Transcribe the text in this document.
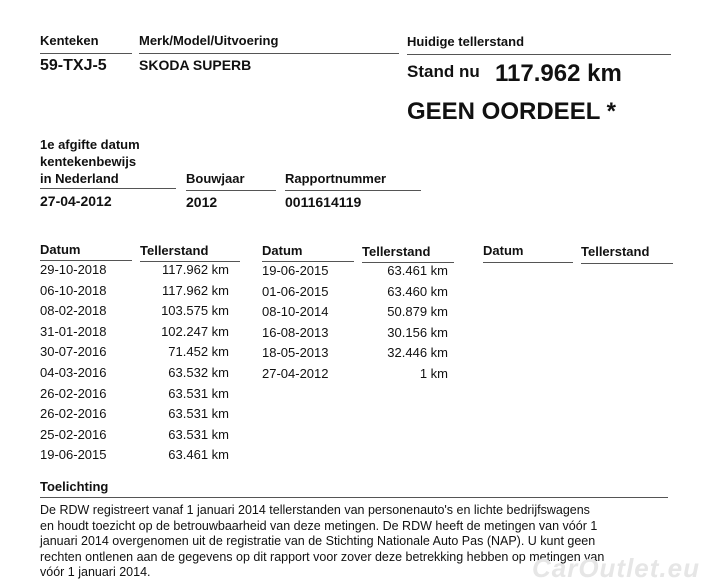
Kenteken	Merk/Model/Uitvoering	Huidige tellerstand
59-TXJ-5 SKODA SUPERB	Stand nu 117.962 km
GEEN OORDEEL *
1e afgifte datum
kentekenbewijs
in Nederland	Bouwjaar	Rapportnummer
27-04-2012	2012	0011614119
Datum	Tellerstand	Datum	Tellerstand	Datum	Tellerstand
29-10-2018	117.962 km
06-10-2018	117.962 km
08-02-2018	103.575 km
31-01-2018	102.247 km
30-07-2016	71.452 km
04-03-2016	63.532 km
26-02-2016	63.531 km
26-02-2016	63.531 km
25-02-2016	63.531 km
19-06-2015	63.461 km
19-06-2015	63.461 km
01-06-2015	63.460 km
08-10-2014	50.879 km
16-08-2013	30.156 km
18-05-2013	32.446 km
27-04-2012	1 km
Toelichting
De RDW registreert vanaf 1 januari 2014 tellerstanden van personenauto's en lichte bedrijfswagens
en houdt toezicht op de betrouwbaarheid van deze metingen. De RDW heeft de metingen van vóór 1
januari 2014 overgenomen uit de registratie van de Stichting Nationale Auto Pas (NAP). U kunt geen
rechten ontlenen aan de gegevens op dit rapport voor zover deze betrekking hebben op metingen van
vóór 1 januari 2014.	CarOutlet.eu
